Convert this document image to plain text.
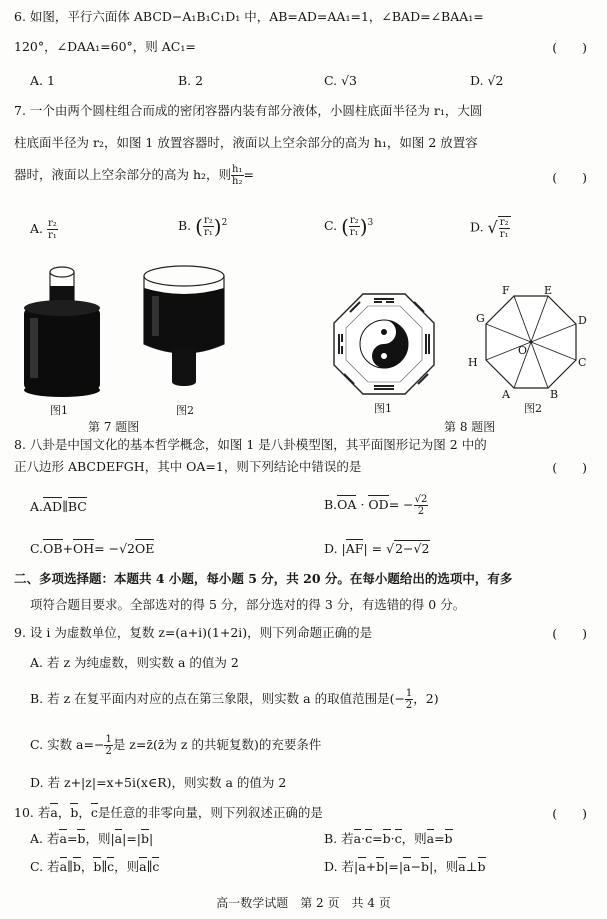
6. 如图，平行六面体 ABCD−A₁B₁C₁D₁ 中，AB=AD=AA₁=1，∠BAD=∠BAA₁=
120°，∠DAA₁=60°，则 AC₁=	(　　)
A. 1	B. 2	C. √3	D. √2
7. 一个由两个圆柱组合而成的密闭容器内装有部分液体，小圆柱底面半径为 r₁，大圆
柱底面半径为 r₂，如图 1 放置容器时，液面以上空余部分的高为 h₁，如图 2 放置容
器时，液面以上空余部分的高为 h₂，则 $\frac{\text{h₁}}{\text{h₂}}$ =	(　　)
A. $\frac{\text{r₂}}{\text{r₁}}$	B. ( $\frac{\text{r₂}}{\text{r₁}} )^2$	C. ( $\frac{\text{r₂}}{\text{r₁}} )^3$	D. √ $\frac{\text{r₂}}{\text{r₁}}$
F	E
G	D
H	C
O
A	B
图1	图2	图1	图2
第 7 题图	第 8 题图
8. 八卦是中国文化的基本哲学概念，如图 1 是八卦模型图，其平面图形记为图 2 中的
正八边形 ABCDEFGH，其中 OA=1，则下列结论中错误的是	(　　)
A.AD∥BC	$B.OA \cdot OD= - \frac{√2}{2}$
C.OB+OH= −√2OE	D. |AF| = √2−√2
二、多项选择题：本题共 4 小题，每小题 5 分，共 20 分。在每小题给出的选项中，有多
项符合题目要求。全部选对的得 5 分，部分选对的得 3 分，有选错的得 0 分。
9. 设 i 为虚数单位，复数 z=(a+i)(1+2i)，则下列命题正确的是	(　　)
A. 若 z 为纯虚数，则实数 a 的值为 2
B. 若 z 在复平面内对应的点在第三象限，则实数 a 的取值范围是(− $\frac{1}{2}$ ，2)
C. 实数 $a=- \frac{1}{2}$ 是 z=z̄(z̄为 z 的共轭复数)的充要条件
D. 若 z+|z|=x+5i(x∈R)，则实数 a 的值为 2
10. 若a，b，c是任意的非零向量，则下列叙述正确的是	(　　)
A. 若a=b，则|a|=|b|	B. 若a·c=b·c，则a=b
C. 若a∥b，b∥c，则a∥c	D. 若|a+b|=|a−b|，则a⊥b
高一数学试题　第 2 页　共 4 页
